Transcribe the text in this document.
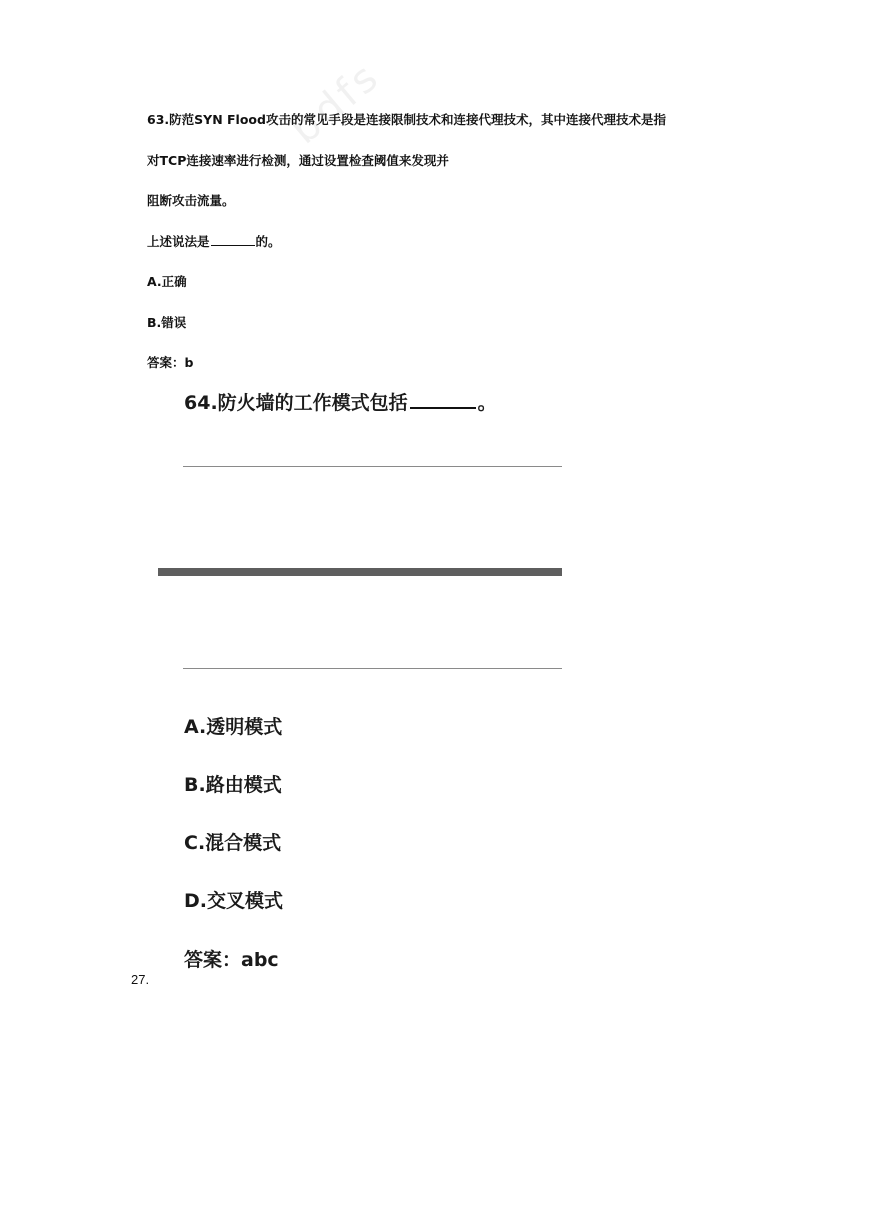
bdfs
63.防范SYN Flood攻击的常见手段是连接限制技术和连接代理技术，其中连接代理技术是指
对TCP连接速率进行检测，通过设置检查阈值来发现并
阻断攻击流量。
上述说法是	的。
A.正确
B.错误
答案：b
64.防火墙的工作模式包括	。
A.透明模式
B.路由模式
C.混合模式
D.交叉模式
答案：abc
27.
